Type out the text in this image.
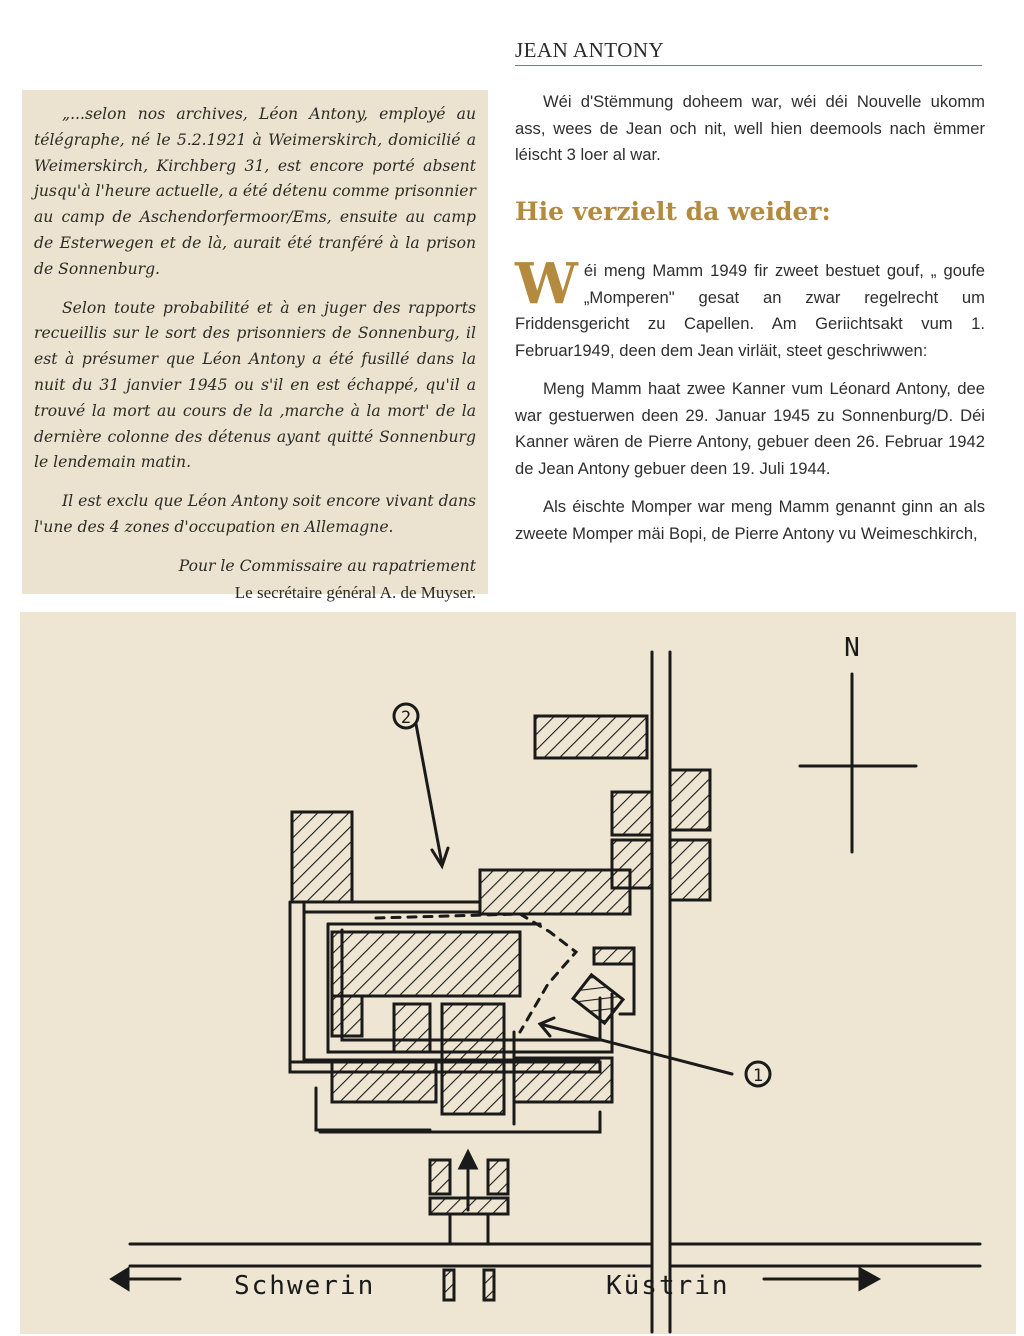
„...selon nos archives, Léon Antony, employé au télégraphe, né le 5.2.1921 à Weimerskirch, domicilié a Weimerskirch, Kirchberg 31, est encore porté absent jusqu'à l'heure actuelle, a été détenu comme prisonnier au camp de Aschendorfermoor/Ems, ensuite au camp de Esterwegen et de là, aurait été tranféré à la prison de Sonnenburg.

Selon toute probabilité et à en juger des rapports recueillis sur le sort des prisonniers de Sonnenburg, il est à présumer que Léon Antony a été fusillé dans la nuit du 31 janvier 1945 ou s'il en est échappé, qu'il a trouvé la mort au cours de la ‚marche à la mort' de la dernière colonne des détenus ayant quitté Sonnenburg le lendemain matin.

Il est exclu que Léon Antony soit encore vivant dans l'une des 4 zones d'occupation en Allemagne.

Pour le Commissaire au rapatriement

Le secrétaire général A. de Muyser.

JEAN ANTONY

Wéi d'Stëmmung doheem war, wéi déi Nouvelle ukomm ass, wees de Jean och nit, well hien deemools nach ëmmer léischt 3 loer al war.

Hie verzielt da weider:

Wéi meng Mamm 1949 fir zweet bestuet gouf, „ goufe „Momperen" gesat an zwar regelrecht um Friddensgericht zu Capellen. Am Geriichtsakt vum 1. Februar1949, deen dem Jean virläit, steet geschriwwen:

Meng Mamm haat zwee Kanner vum Léonard Antony, dee war gestuerwen deen 29. Januar 1945 zu Sonnenburg/D. Déi Kanner wären de Pierre Antony, gebuer deen 26. Februar 1942 de Jean Antony gebuer deen 19. Juli 1944.

Als éischte Momper war meng Mamm genannt ginn an als zweete Momper mäi Bopi, de Pierre Antony vu Weimeschkirch,

N
2
1
Schwerin	Küstrin
